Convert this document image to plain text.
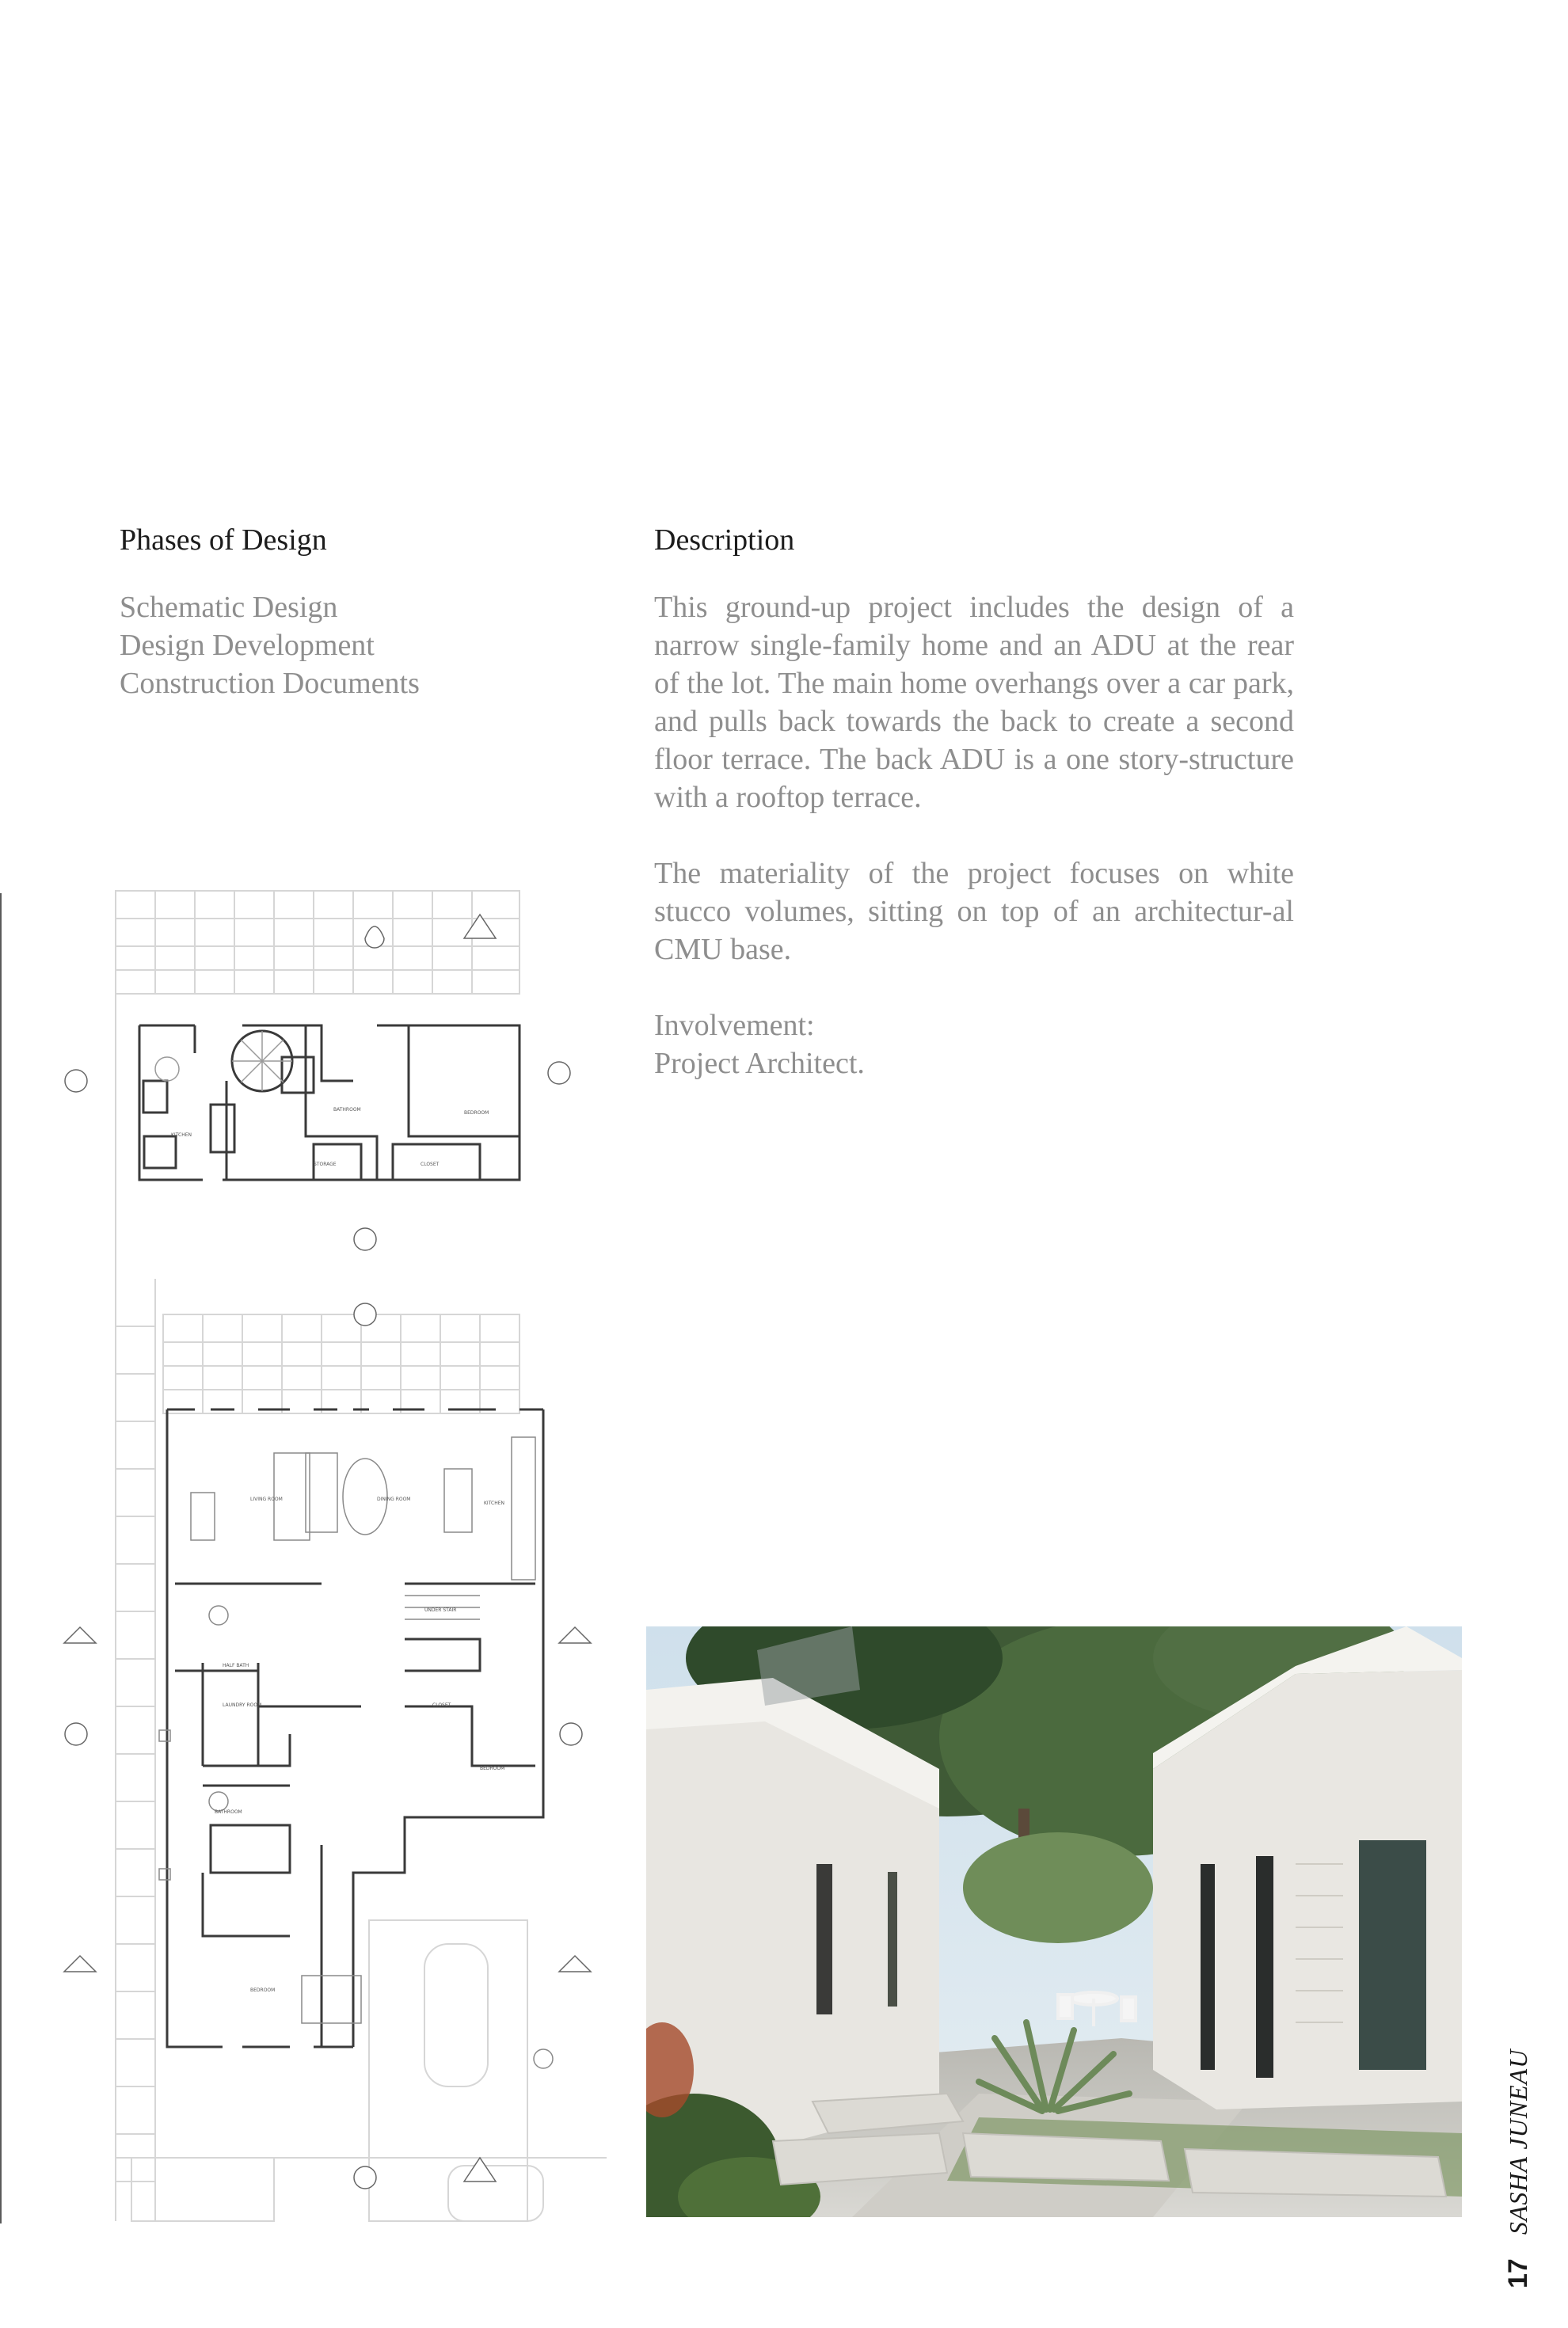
Phases of Design
Schematic Design
Design Development
Construction Documents
Description

This ground-up project includes the design of a narrow single-family home and an ADU at the rear of the lot. The main home overhangs over a car park, and pulls back towards the back to create a second floor terrace. The back ADU is a one story-structure with a rooftop terrace.

The materiality of the project focuses on white stucco volumes, sitting on top of an architectur-al CMU base.

Involvement:
Project Architect.

BATHROOM
BEDROOM
KITCHEN
STORAGE	CLOSET
LIVING ROOM	DINING ROOM
KITCHEN
UNDER STAIR
HALF BATH
LAUNDRY ROOM
BEDROOM
BATHROOM
BEDROOM
CLOSET
17SASHA JUNEAU
